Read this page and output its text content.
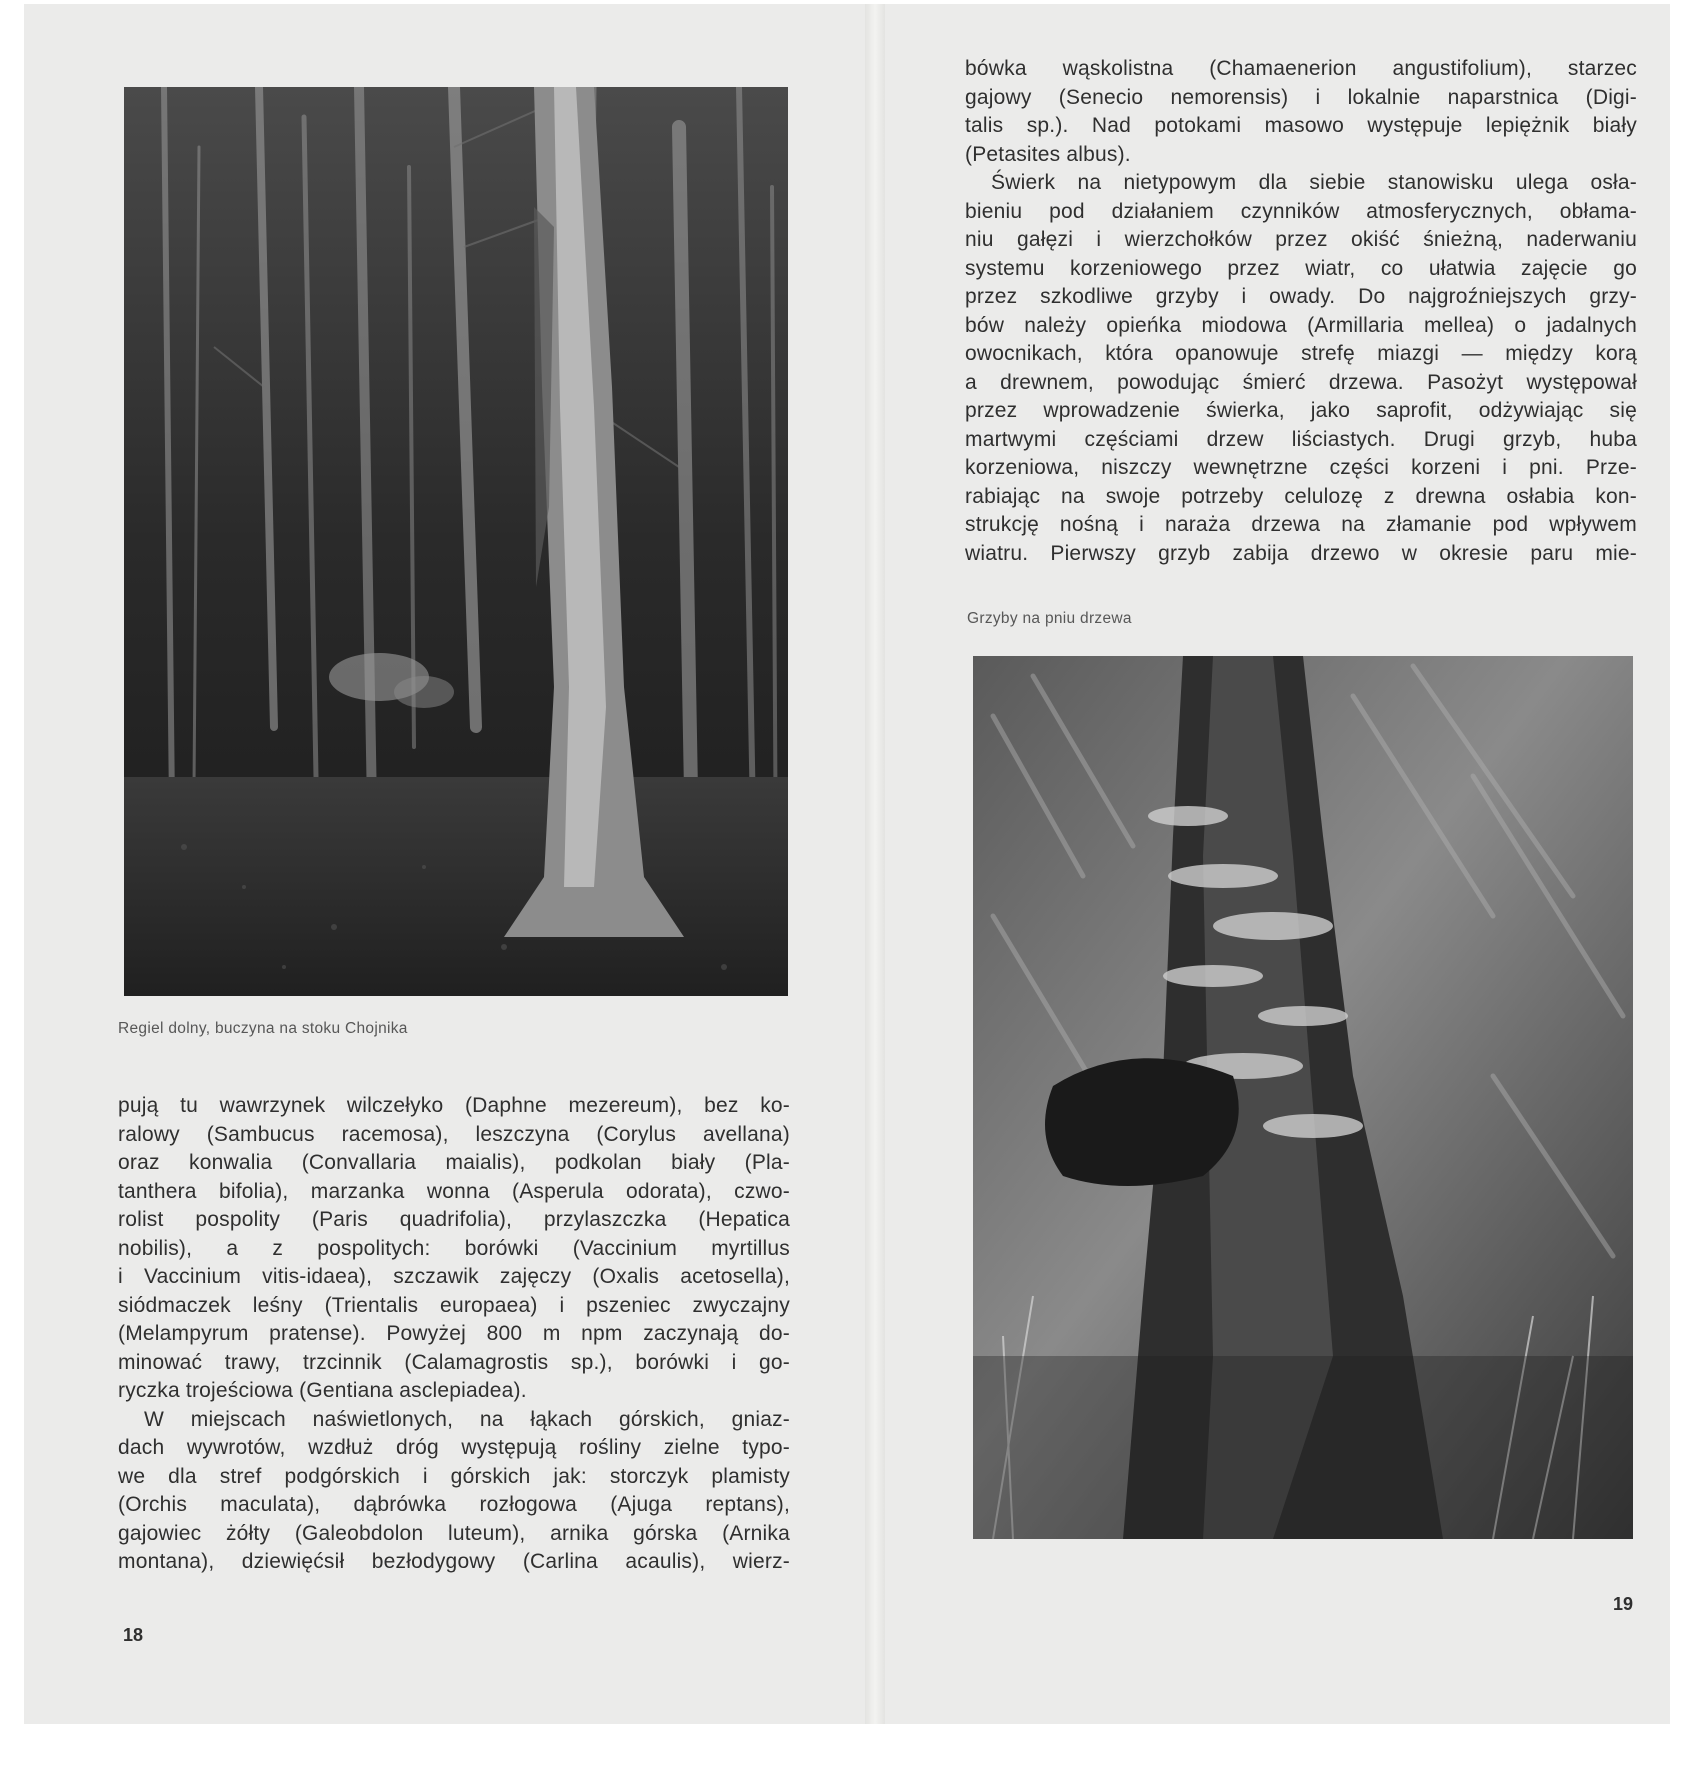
Regiel dolny, buczyna na stoku Chojnika
pują tu wawrzynek wilczełyko (Daphne mezereum), bez ko-
ralowy (Sambucus racemosa), leszczyna (Corylus avellana)
oraz konwalia (Convallaria maialis), podkolan biały (Pla-
tanthera bifolia), marzanka wonna (Asperula odorata), czwo-
rolist pospolity (Paris quadrifolia), przylaszczka (Hepatica
nobilis), a z pospolitych: borówki (Vaccinium myrtillus
i Vaccinium vitis-idaea), szczawik zajęczy (Oxalis acetosella),
siódmaczek leśny (Trientalis europaea) i pszeniec zwyczajny
(Melampyrum pratense). Powyżej 800 m npm zaczynają do-
minować trawy, trzcinnik (Calamagrostis sp.), borówki i go-
ryczka trojeściowa (Gentiana asclepiadea).
W miejscach naświetlonych, na łąkach górskich, gniaz-
dach wywrotów, wzdłuż dróg występują rośliny zielne typo-
we dla stref podgórskich i górskich jak: storczyk plamisty
(Orchis maculata), dąbrówka rozłogowa (Ajuga reptans),
gajowiec żółty (Galeobdolon luteum), arnika górska (Arnika
montana), dziewięćsił bezłodygowy (Carlina acaulis), wierz-
18
bówka wąskolistna (Chamaenerion angustifolium), starzec
gajowy (Senecio nemorensis) i lokalnie naparstnica (Digi-
talis sp.). Nad potokami masowo występuje lepiężnik biały
(Petasites albus).
Świerk na nietypowym dla siebie stanowisku ulega osła-
bieniu pod działaniem czynników atmosferycznych, obłama-
niu gałęzi i wierzchołków przez okiść śnieżną, naderwaniu
systemu korzeniowego przez wiatr, co ułatwia zajęcie go
przez szkodliwe grzyby i owady. Do najgroźniejszych grzy-
bów należy opieńka miodowa (Armillaria mellea) o jadalnych
owocnikach, która opanowuje strefę miazgi — między korą
a drewnem, powodując śmierć drzewa. Pasożyt występował
przez wprowadzenie świerka, jako saprofit, odżywiając się
martwymi częściami drzew liściastych. Drugi grzyb, huba
korzeniowa, niszczy wewnętrzne części korzeni i pni. Prze-
rabiając na swoje potrzeby celulozę z drewna osłabia kon-
strukcję nośną i naraża drzewa na złamanie pod wpływem
wiatru. Pierwszy grzyb zabija drzewo w okresie paru mie-
Grzyby na pniu drzewa
19
